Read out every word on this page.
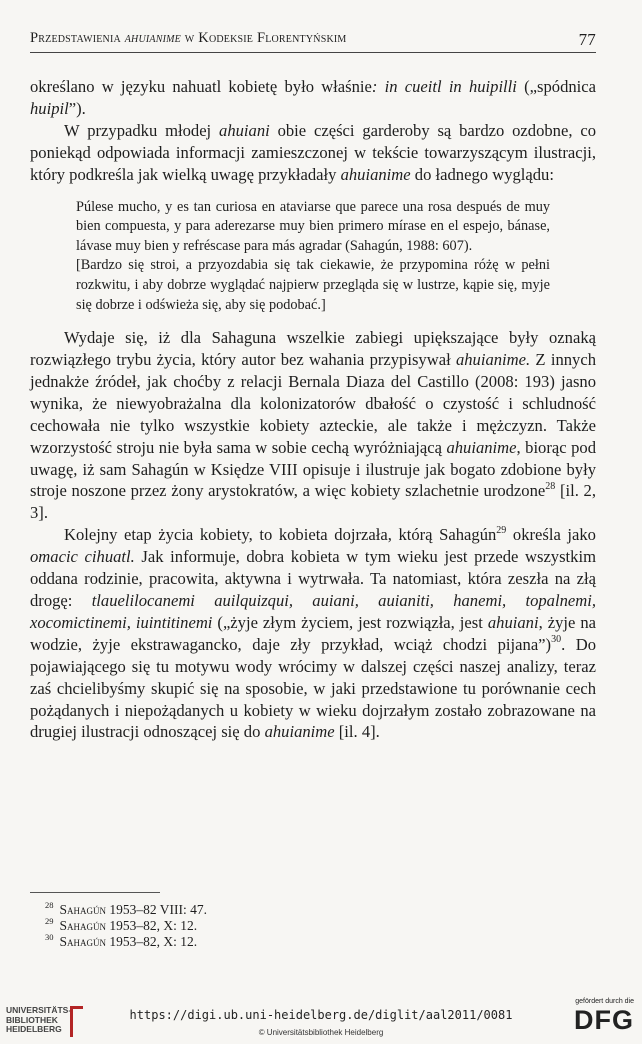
Przedstawienia ahuianime w Kodeksie Florentyńskim	77

określano w języku nahuatl kobietę było właśnie: in cueitl in huipilli („spódnica huipil”).

W przypadku młodej ahuiani obie części garderoby są bardzo ozdobne, co poniekąd odpowiada informacji zamieszczonej w tekście towarzyszącym ilustracji, który podkreśla jak wielką uwagę przykładały ahuianime do ładnego wyglądu:

Púlese mucho, y es tan curiosa en ataviarse que parece una rosa después de muy bien compuesta, y para aderezarse muy bien primero mírase en el espejo, bánase, lávase muy bien y refréscase para más agradar (Sahagún, 1988: 607).

[Bardzo się stroi, a przyozdabia się tak ciekawie, że przypomina różę w pełni rozkwitu, i aby dobrze wyglądać najpierw przegląda się w lustrze, kąpie się, myje się dobrze i odświeża się, aby się podobać.]

Wydaje się, iż dla Sahaguna wszelkie zabiegi upiększające były oznaką rozwiązłego trybu życia, który autor bez wahania przypisywał ahuianime. Z innych jednakże źródeł, jak choćby z relacji Bernala Diaza del Castillo (2008: 193) jasno wynika, że niewyobrażalna dla kolonizatorów dbałość o czystość i schludność cechowała nie tylko wszystkie kobiety azteckie, ale także i mężczyzn. Także wzorzystość stroju nie była sama w sobie cechą wyróżniającą ahuianime, biorąc pod uwagę, iż sam Sahagún w Księdze VIII opisuje i ilustruje jak bogato zdobione były stroje noszone przez żony arystokratów, a więc kobiety szlachetnie urodzone$^{28}$ [il. 2, 3].

Kolejny etap życia kobiety, to kobieta dojrzała, którą Sahagún$^{29}$ określa jako omacic cihuatl. Jak informuje, dobra kobieta w tym wieku jest przede wszystkim oddana rodzinie, pracowita, aktywna i wytrwała. Ta natomiast, która zeszła na złą drogę: tlauelilocanemi auilquizqui, auiani, auianiti, hanemi, topalnemi, xocomictinemi, iuintitinemi („żyje złym życiem, jest rozwiązła, jest ahuiani, żyje na wodzie, żyje ekstrawagancko, daje zły przykład, wciąż chodzi pijana”)$^{30}$. Do pojawiającego się tu motywu wody wrócimy w dalszej części naszej analizy, teraz zaś chcielibyśmy skupić się na sposobie, w jaki przedstawione tu porównanie cech pożądanych i niepożądanych u kobiety w wieku dojrzałym zostało zobrazowane na drugiej ilustracji odnoszącej się do ahuianime [il. 4].

$^{28}$ Sahagún 1953–82 VIII: 47.

$^{29}$ Sahagún 1953–82, X: 12.

$^{30}$ Sahagún 1953–82, X: 12.

UNIVERSITÄTS-
BIBLIOTHEK
HEIDELBERG
https://digi.ub.uni-heidelberg.de/diglit/aal2011/0081
© Universitätsbibliothek Heidelberg
gefördert durch die
DFG
